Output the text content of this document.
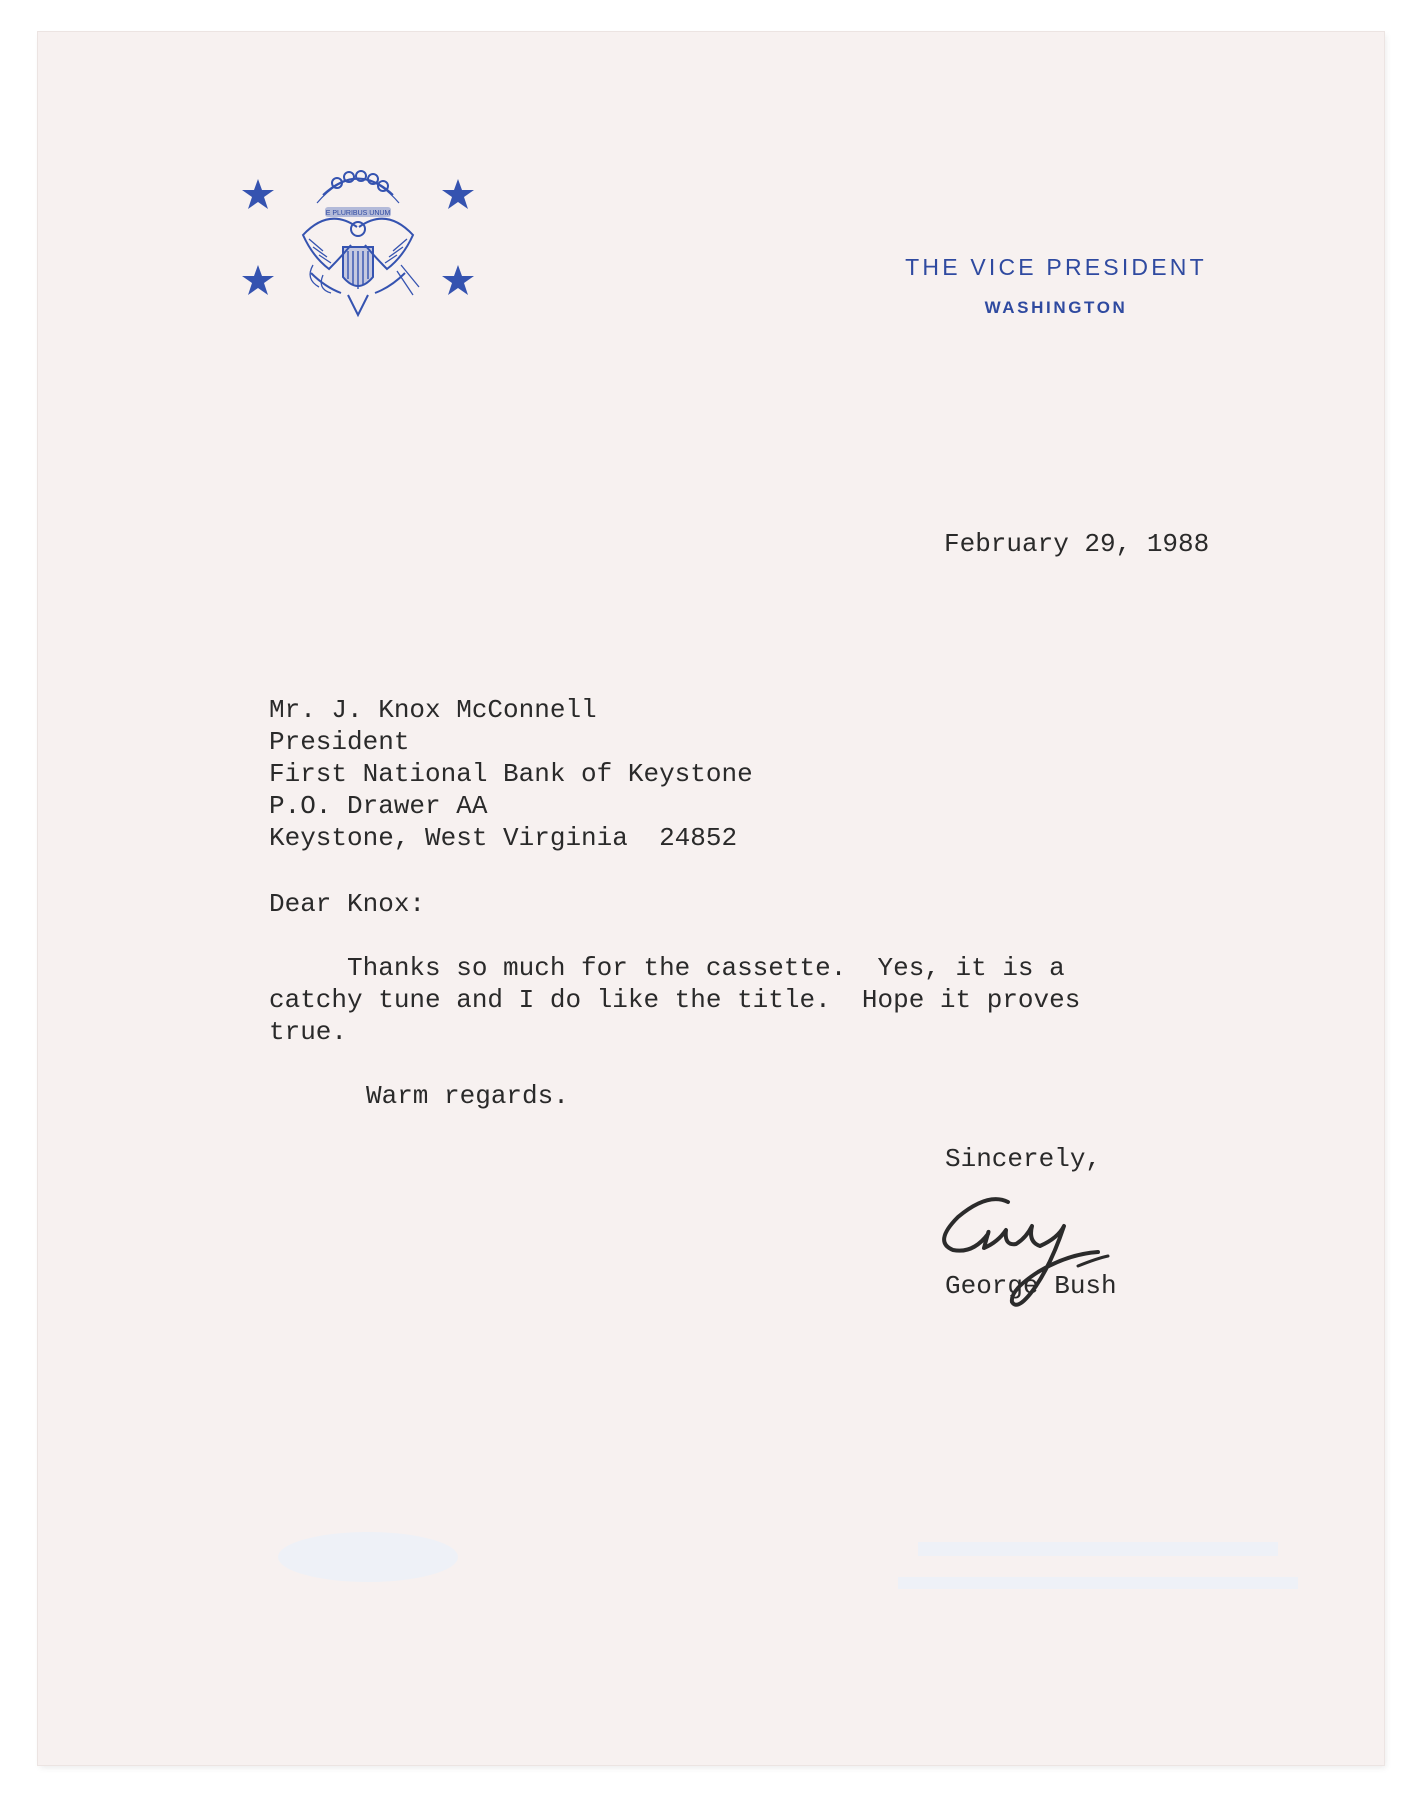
E PLURIBUS UNUM
THE VICE PRESIDENT
WASHINGTON
February 29, 1988
Mr. J. Knox McConnell
President
First National Bank of Keystone
P.O. Drawer AA
Keystone, West Virginia  24852
Dear Knox:
Thanks so much for the cassette.  Yes, it is a
catchy tune and I do like the title.  Hope it proves
true.
Warm regards.
Sincerely,
George Bush
